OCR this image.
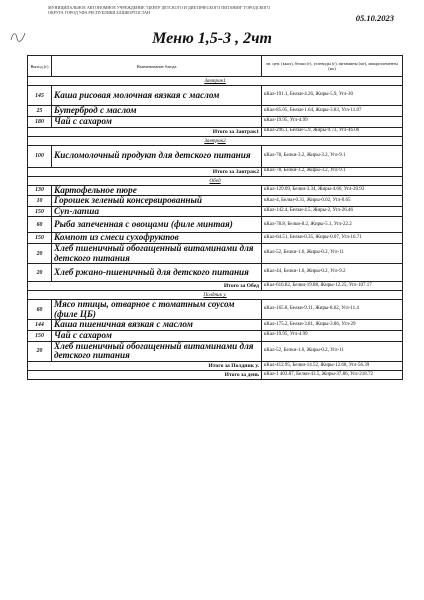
МУНИЦИПАЛЬНОЕ АВТОНОМНОЕ УЧРЕЖДЕНИЕ "ЦЕНТР ДЕТСКОГО И ДИЕТИЧЕСКОГО ПИТАНИЯ" ГОРОДСКОГО ОКРУГА ГОРОД УФА РЕСПУБЛИКИ БАШКОРТОСТАН
05.10.2023
Меню 1,5-3 , 2чт
Выход (г)	Наименование блюда	эн. цен. (ккал), белки (г), углеводы (г), витамины (мг), микроэлементы (мг)
Завтрак1		
145	Каша рисовая молочная вязкая с маслом	кКал-191.1, Белки-4.26, Жиры-5.9, Угл-30
25	Бутерброд с маслом	кКал-85.05, Белки-1.64, Жиры-3.83, Угл-11.07
180	Чай с сахаром	кКал-19.95, Угл-4.99
Итого за Завтрак1		кКал-296.1, Белки-5.9, Жиры-9.73, Угл-46.06
Завтрак2		
100	Кисломолочный продукт для детского питания	кКал-78, Белки-3.2, Жиры-3.2, Угл-9.1
Итого за Завтрак2		кКал-78, Белки-3.2, Жиры-3.2, Угл-9.1
Обед		
130	Картофельное пюре	кКал-129.09, Белки-3.34, Жиры-4.66, Угл-20.93
10	Горошек зеленый консервированный	кКал-4, Белки-0.31, Жиры-0.02, Угл-0.65
150	Суп-лапша	кКал-142.4, Белки-4.5, Жиры-2, Угл-26.46
60	Рыба запеченная с овощами (филе минтая)	кКал-78.8, Белки-8.2, Жиры-5.1, Угл-22.2
150	Компот из смеси сухофруктов	кКал-64.51, Белки-0.35, Жиры-0.07, Угл-16.71
20	Хлеб пшеничный обогащенный витаминами для детского питания	кКал-52, Белки-1.6, Жиры-0.2, Угл-11
20	Хлеб ржано-пшеничный для детского питания	кКал-44, Белки-1.6, Жиры-0.2, Угл-9.2
Итого за Обед		кКал-616.82, Белки-19.88, Жиры-12.25, Угл-107.17
Полдник у.		
60	Мясо птицы, отварное с томатным соусом (филе ЦБ)	кКал-165.8, Белки-9.11, Жиры-8.62, Угл-11.4
144	Каша пшеничная вязкая с маслом	кКал-175.2, Белки-3.81, Жиры-3.86, Угл-29
150	Чай с сахаром	кКал-19.95, Угл-4.99
20	Хлеб пшеничный обогащенный витаминами для детского питания	кКал-52, Белки-1.6, Жиры-0.2, Угл-11
Итого за Полдник у.		кКал-412.95, Белки-14.52, Жиры-12.68, Угл-56.39
Итого за день		кКал-1 403.87, Белки-43.5, Жиры-37.86, Угл-218.72
